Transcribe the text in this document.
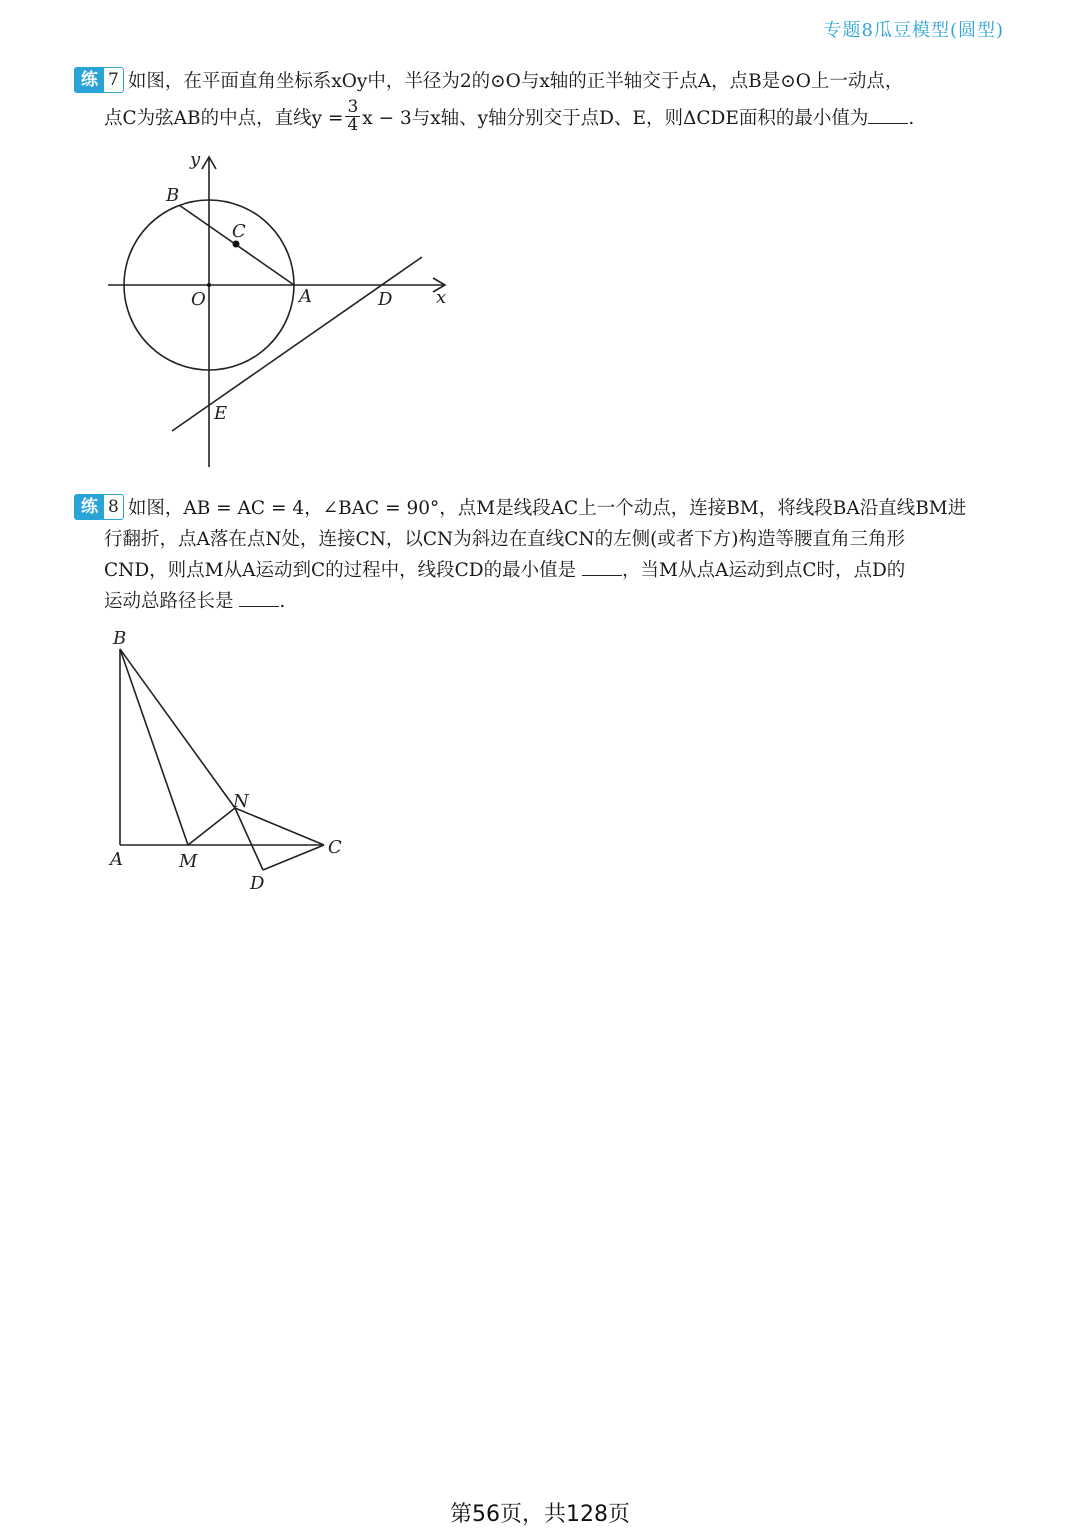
专题8瓜豆模型(圆型)
练 7 如图，在平面直角坐标系xOy中，半径为2的⊙O与x轴的正半轴交于点A，点B是⊙O上一动点，
点C为弦AB的中点，直线$y = \frac{3}{4}$ x − 3与x轴、y轴分别交于点D、E，则ΔCDE面积的最小值为 .
y
x
B
C
O	A	D
E
练 8 如图，AB = AC = 4，∠BAC = 90°，点M是线段AC上一个动点，连接BM，将线段BA沿直线BM进
行翻折，点A落在点N处，连接CN，以CN为斜边在直线CN的左侧(或者下方)构造等腰直角三角形
CND，则点M从A运动到C的过程中，线段CD的最小值是 ，当M从点A运动到点C时，点D的
运动总路径长是 .
B
N
C
A	M
D
第56页，共128页
